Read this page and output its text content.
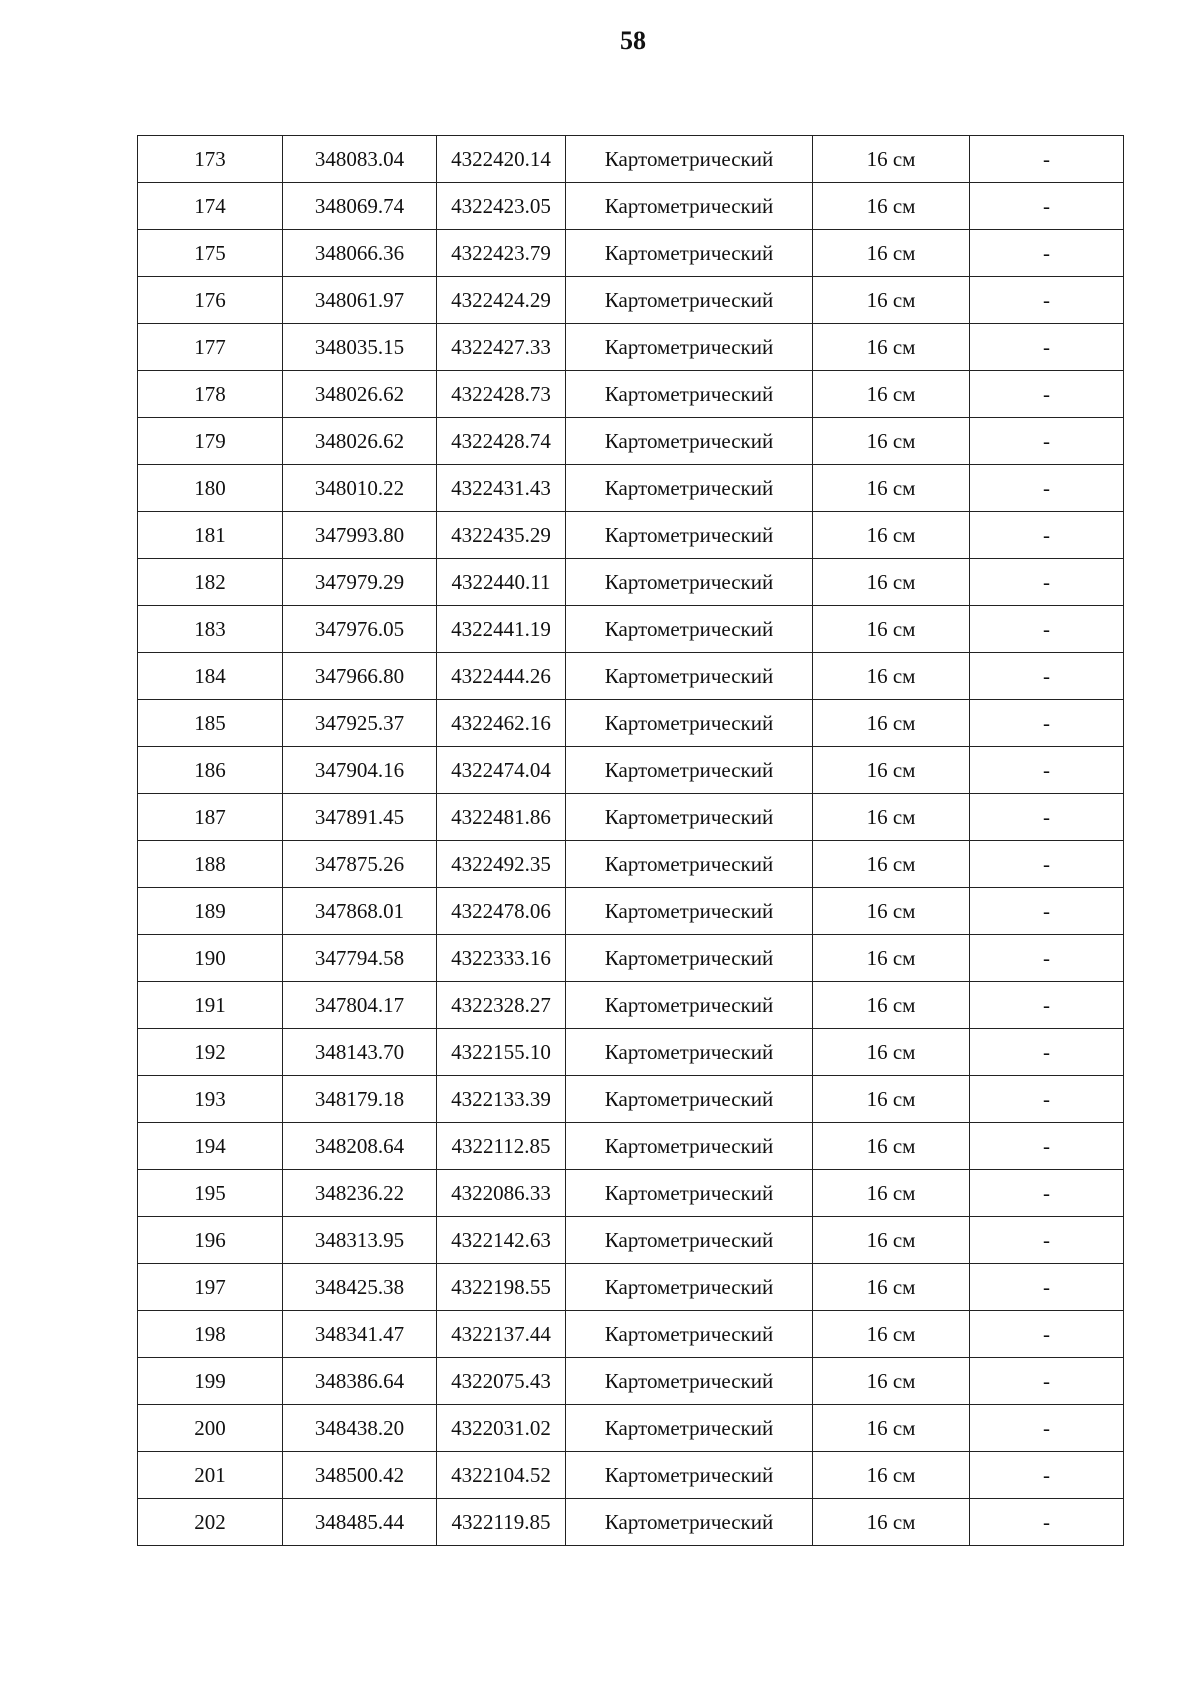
58
173	348083.04	4322420.14	Картометрический	16 см	-
174	348069.74	4322423.05	Картометрический	16 см	-
175	348066.36	4322423.79	Картометрический	16 см	-
176	348061.97	4322424.29	Картометрический	16 см	-
177	348035.15	4322427.33	Картометрический	16 см	-
178	348026.62	4322428.73	Картометрический	16 см	-
179	348026.62	4322428.74	Картометрический	16 см	-
180	348010.22	4322431.43	Картометрический	16 см	-
181	347993.80	4322435.29	Картометрический	16 см	-
182	347979.29	4322440.11	Картометрический	16 см	-
183	347976.05	4322441.19	Картометрический	16 см	-
184	347966.80	4322444.26	Картометрический	16 см	-
185	347925.37	4322462.16	Картометрический	16 см	-
186	347904.16	4322474.04	Картометрический	16 см	-
187	347891.45	4322481.86	Картометрический	16 см	-
188	347875.26	4322492.35	Картометрический	16 см	-
189	347868.01	4322478.06	Картометрический	16 см	-
190	347794.58	4322333.16	Картометрический	16 см	-
191	347804.17	4322328.27	Картометрический	16 см	-
192	348143.70	4322155.10	Картометрический	16 см	-
193	348179.18	4322133.39	Картометрический	16 см	-
194	348208.64	4322112.85	Картометрический	16 см	-
195	348236.22	4322086.33	Картометрический	16 см	-
196	348313.95	4322142.63	Картометрический	16 см	-
197	348425.38	4322198.55	Картометрический	16 см	-
198	348341.47	4322137.44	Картометрический	16 см	-
199	348386.64	4322075.43	Картометрический	16 см	-
200	348438.20	4322031.02	Картометрический	16 см	-
201	348500.42	4322104.52	Картометрический	16 см	-
202	348485.44	4322119.85	Картометрический	16 см	-
